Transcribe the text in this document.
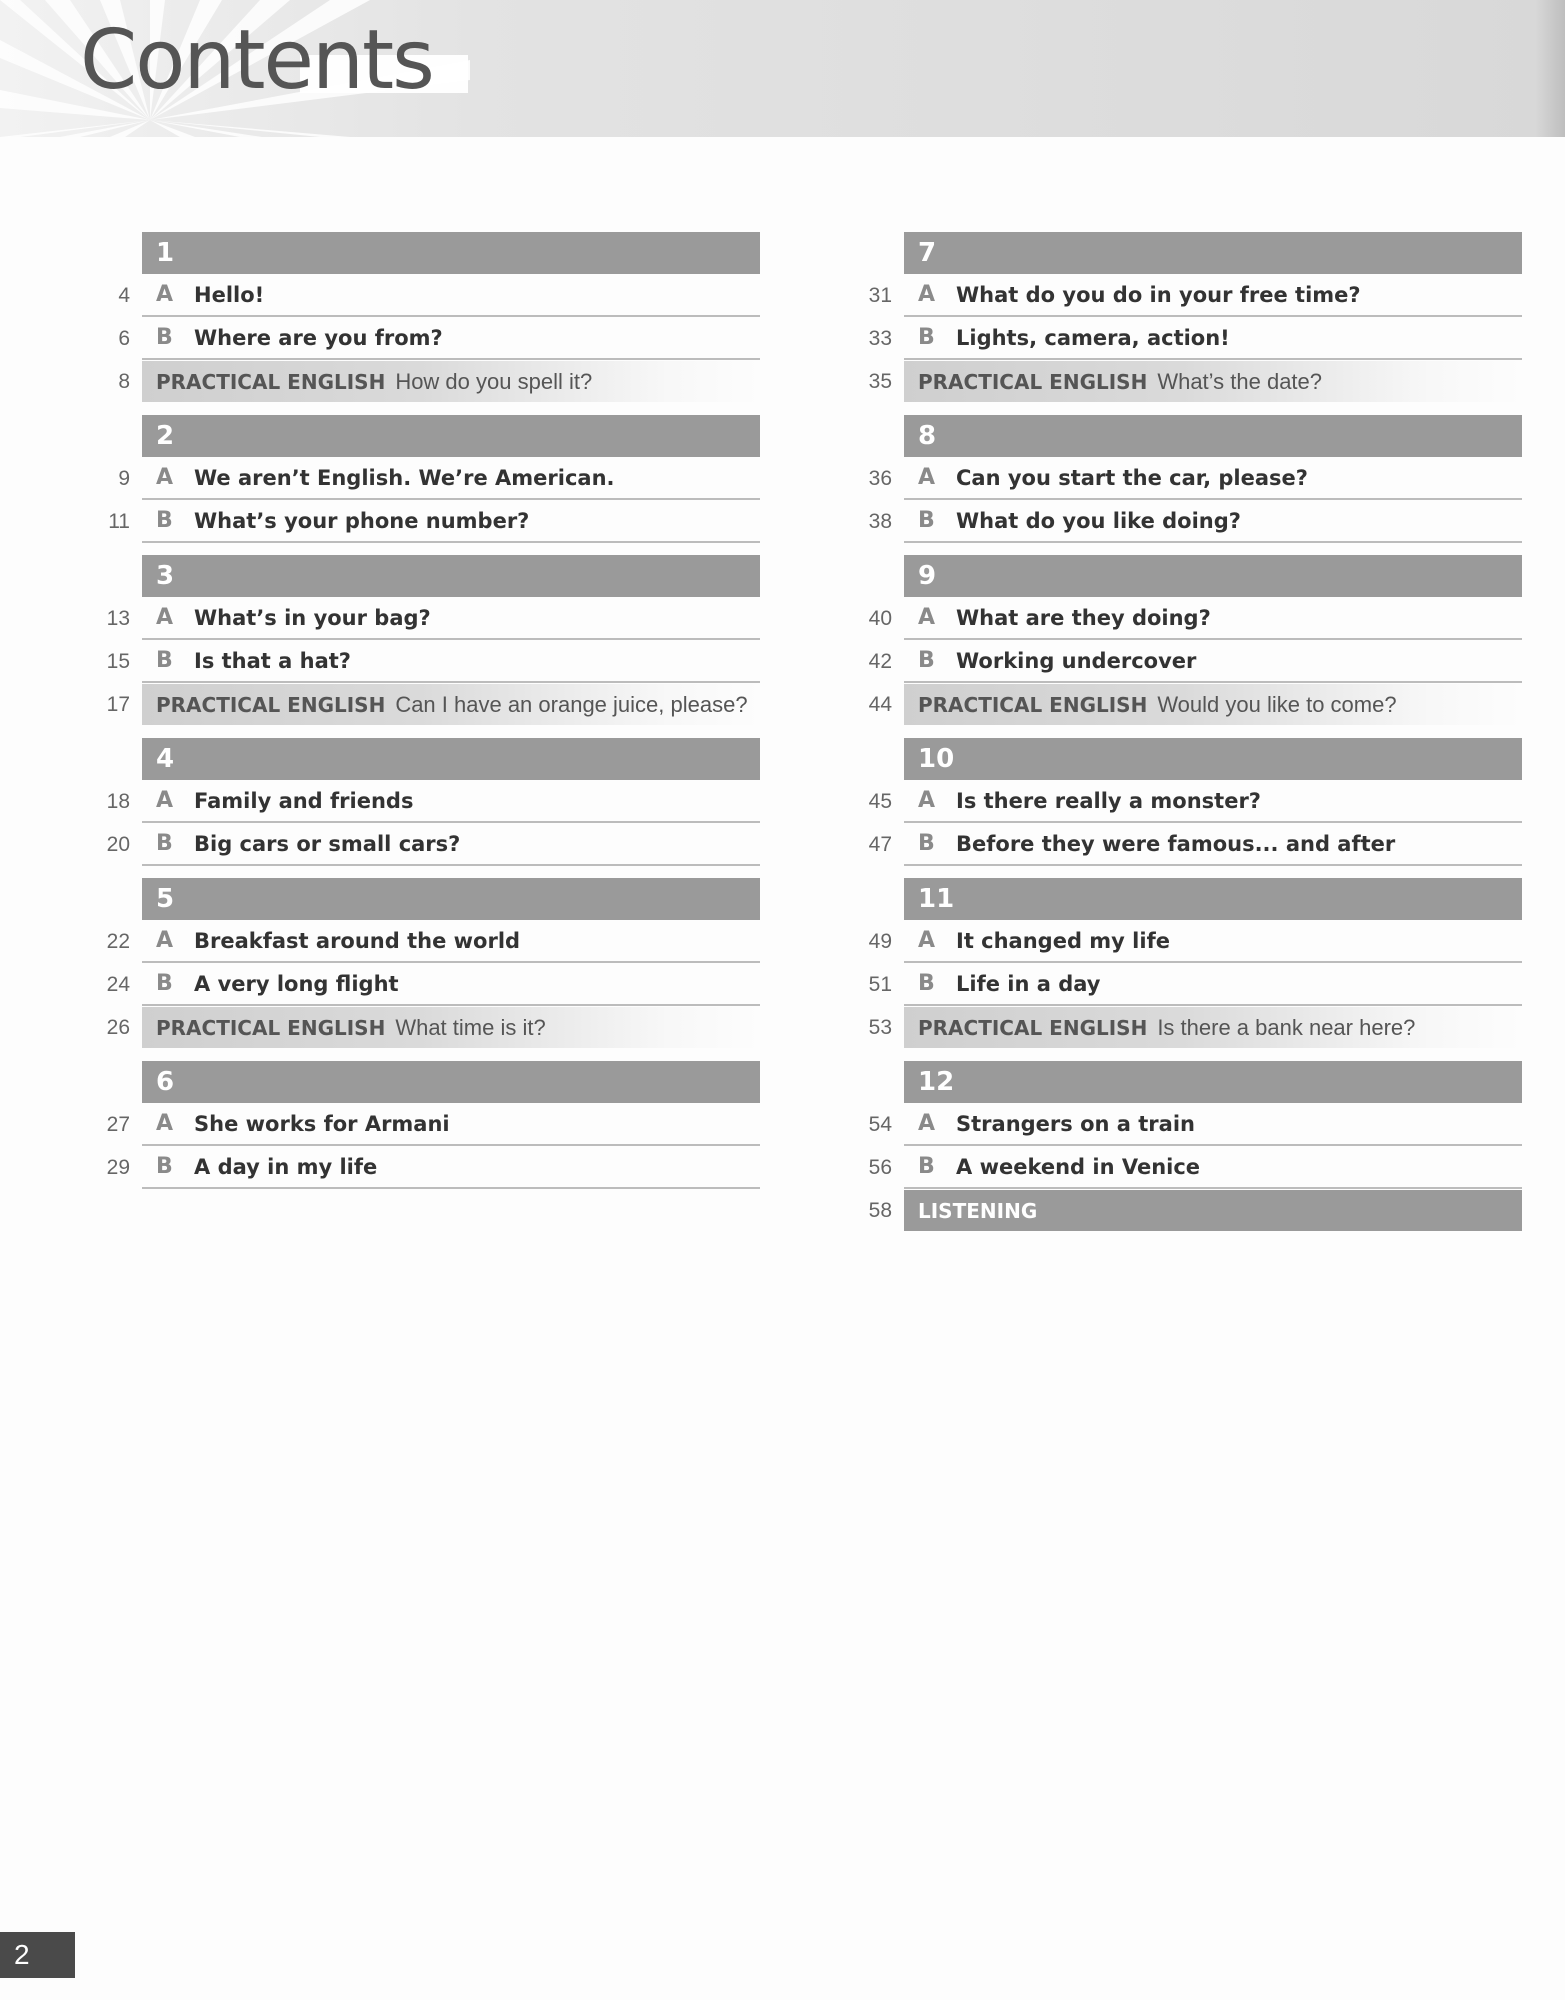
Contents
1
4	A Hello!
6	B	Where are you from?
8 PRACTICAL ENGLISH How do you spell it?
2
9	A We aren’t English. We’re American.
11	B	What’s your phone number?
3
13	A What’s in your bag?
15	B	Is that a hat?
17 PRACTICAL ENGLISH Can I have an orange juice, please?
4
18	A Family and friends
20	B	Big cars or small cars?
5
22	A Breakfast around the world
24	B	A very long flight
26 PRACTICAL ENGLISH What time is it?
6
27	A She works for Armani
29	B	A day in my life
7
31	A What do you do in your free time?
33	B	Lights, camera, action!
35 PRACTICAL ENGLISH What’s the date?
8
36	A Can you start the car, please?
38	B	What do you like doing?
9
40	A What are they doing?
42	B	Working undercover
44 PRACTICAL ENGLISH Would you like to come?
10
45	A Is there really a monster?
47	B	Before they were famous... and after
11
49	A It changed my life
51	B	Life in a day
53 PRACTICAL ENGLISH Is there a bank near here?
12
54	A Strangers on a train
56	B	A weekend in Venice
58 LISTENING
2
